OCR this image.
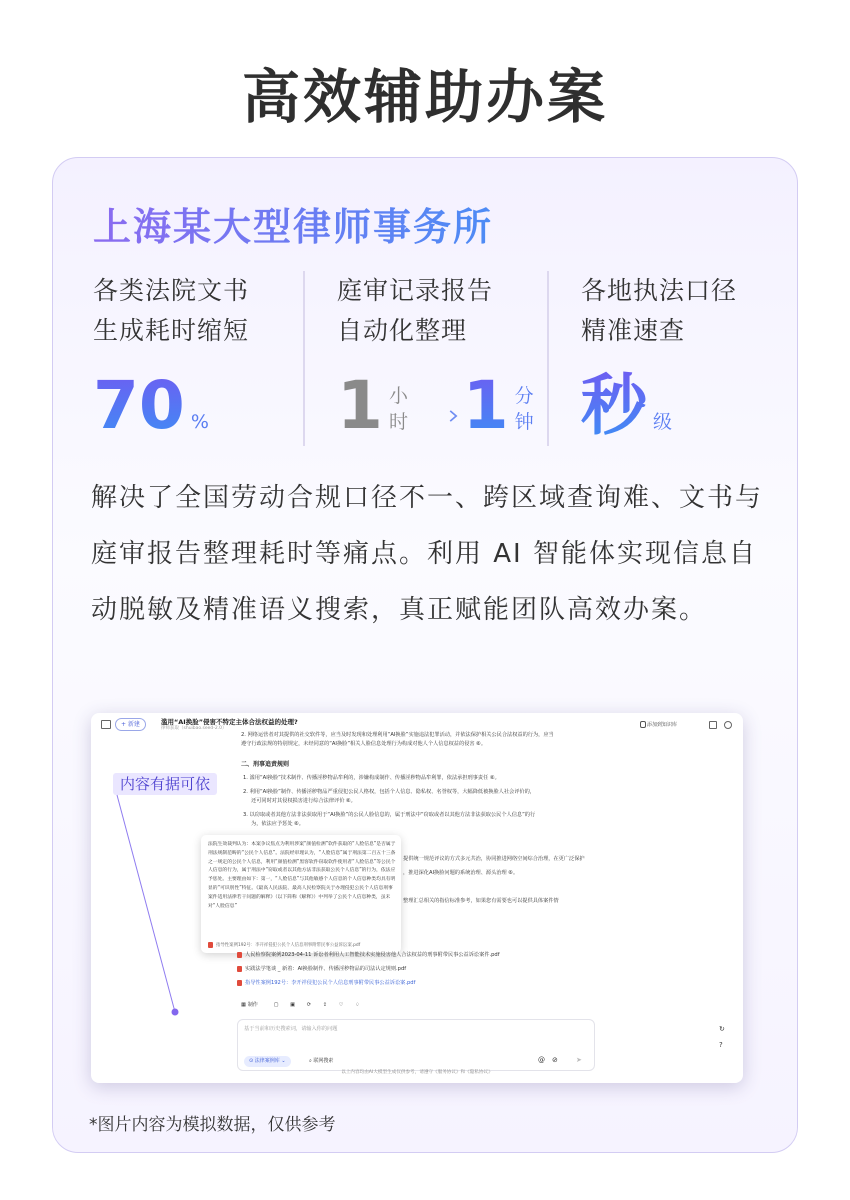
高效辅助办案
上海某大型律师事务所
各类法院文书
生成耗时缩短
70 %
庭审记录报告
自动化整理
1 小时 1 分钟
各地执法口径
精准速查
秒 级
解决了全国劳动合规口径不一、跨区域查询难、文书与庭审报告整理耗时等痛点。利用 AI 智能体实现信息自动脱敏及精准语义搜索，真正赋能团队高效办案。
+ 新建	滥用“AI换脸”侵害不特定主体合法权益的处理?
律师获取（shuibao.seed-2.0）
添加到知识库
2. 网络运营者对其提供的社交软件等，应当及时发现和处理利用“AI换脸”实施违法犯罪活动，并依法保护相关公民合法权益的行为，应当
遵守行政法规的特别规定，未经同意的“AI换脸”相关人脸信息处理行为构成对他人个人信息权益的侵害 ⑥。
二、刑事追责规则
1. 滥用“AI换脸”技术制作、传播淫秽物品牟利的，涉嫌构成制作、传播淫秽物品牟利罪，依法承担刑事责任 ⑥。
2. 利用“AI换脸”制作、传播淫秽物品严重侵犯公民人格权，包括个人信息、隐私权、名誉权等，大幅降低被换脸人社会评价的，
还可同时对其侵权损害进行综合法律评价 ⑥。
3. 以窃取或者其他方法非法获取用于“AI换脸”的公民人脸信息的，属于刑法中“窃取或者以其他方法非法获取公民个人信息”的行
为，依法应予惩处 ⑥。
提供统一规范评议的方式多元共治，协同推进网络空间综合治理，在更广泛保护
，推进深化AI换脸问题的系统治理、源头治理 ⑥。
整理汇总相关的指信标准参考，如果您有需要也可以提供具体案件情
内容有据可依
法院生效裁判认为：本案争议焦点为利用涉案“颜值检测”软件获取的“人脸信息”是否属于刑法规制范畴的“公民个人信息”。法院经审理认为，“人脸信息”属于刑法第二百五十三条之一规定的公民个人信息，利用“颜值检测”黑客软件窃取软件使用者“人脸信息”等公民个人信息的行为，属于刑法中“窃取或者以其他方法非法获取公民个人信息”的行为，依法应予惩处。主要理由如下：第一，“人脸信息”与其他敏感个人信息的个人信息种类均具有明显的“可识别性”特征。《最高人民法院、最高人民检察院关于办理侵犯公民个人信息刑事案件适用法律若干问题的解释》（以下简称《解释》）中列举了公民个人信息种类，虽未对“人脸信息”
指导性案例192号：李开祥侵犯公民个人信息刑事附带民事公益诉讼案.pdf
人民检察院案例2023-04-11 诉讼者利用人工智能技术实施侵害他人合法权益的刑事附带民事公益诉讼案件.pdf
实践法学笔谈 _ 新着：AI换脸制作、传播淫秽物品的司法认定规则.pdf
指导性案例192号：李开祥侵犯公民个人信息刑事附带民事公益诉讼案.pdf
▦ 制作	▢ ▣ ⟳ ⇪ ♡ ♢
基于当前和历史搜索词，请输入你的问题
⊙ 法律案例库 ⌄	⌕ 联网搜索	@ ⊘	➤
↻
?
以上内容均由AI大模型生成仅供参考，请遵守《服务协议》和《隐私协议》
*图片内容为模拟数据，仅供参考
